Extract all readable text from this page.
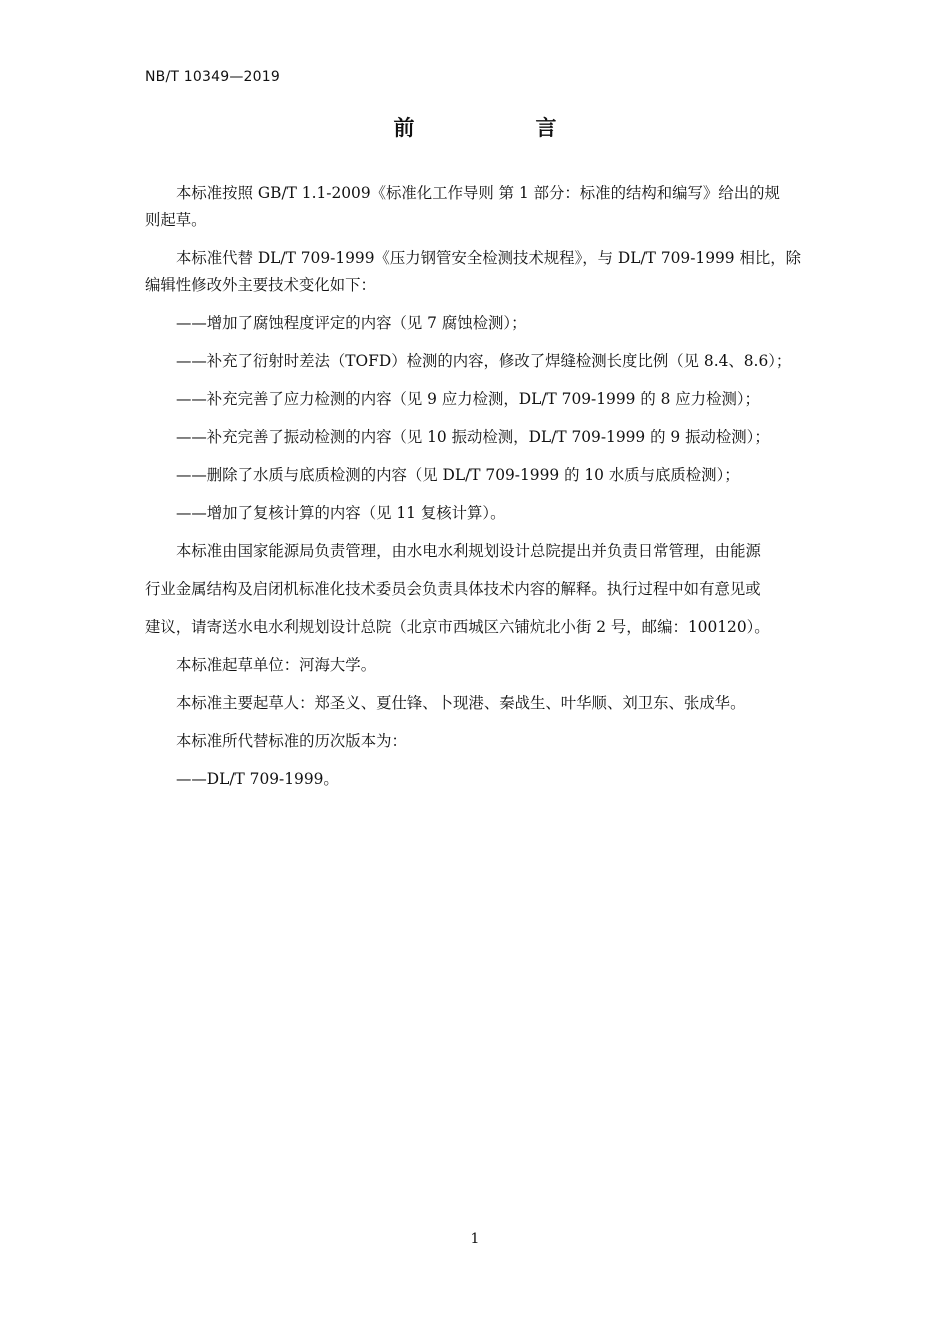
NB/T 10349—2019
前　言
本标准按照 GB/T 1.1-2009《标准化工作导则 第 1 部分：标准的结构和编写》给出的规
则起草。
本标准代替 DL/T 709-1999《压力钢管安全检测技术规程》，与 DL/T 709-1999 相比，除
编辑性修改外主要技术变化如下：
——增加了腐蚀程度评定的内容（见 7 腐蚀检测）；
——补充了衍射时差法（TOFD）检测的内容，修改了焊缝检测长度比例（见 8.4、8.6）；
——补充完善了应力检测的内容（见 9 应力检测，DL/T 709-1999 的 8 应力检测）；
——补充完善了振动检测的内容（见 10 振动检测，DL/T 709-1999 的 9 振动检测）；
——删除了水质与底质检测的内容（见 DL/T 709-1999 的 10 水质与底质检测）；
——增加了复核计算的内容（见 11 复核计算）。
本标准由国家能源局负责管理，由水电水利规划设计总院提出并负责日常管理，由能源
行业金属结构及启闭机标准化技术委员会负责具体技术内容的解释。执行过程中如有意见或
建议，请寄送水电水利规划设计总院（北京市西城区六铺炕北小街 2 号，邮编：100120）。
本标准起草单位：河海大学。
本标准主要起草人：郑圣义、夏仕锋、卜现港、秦战生、叶华顺、刘卫东、张成华。
本标准所代替标准的历次版本为：
——DL/T 709-1999。
1
